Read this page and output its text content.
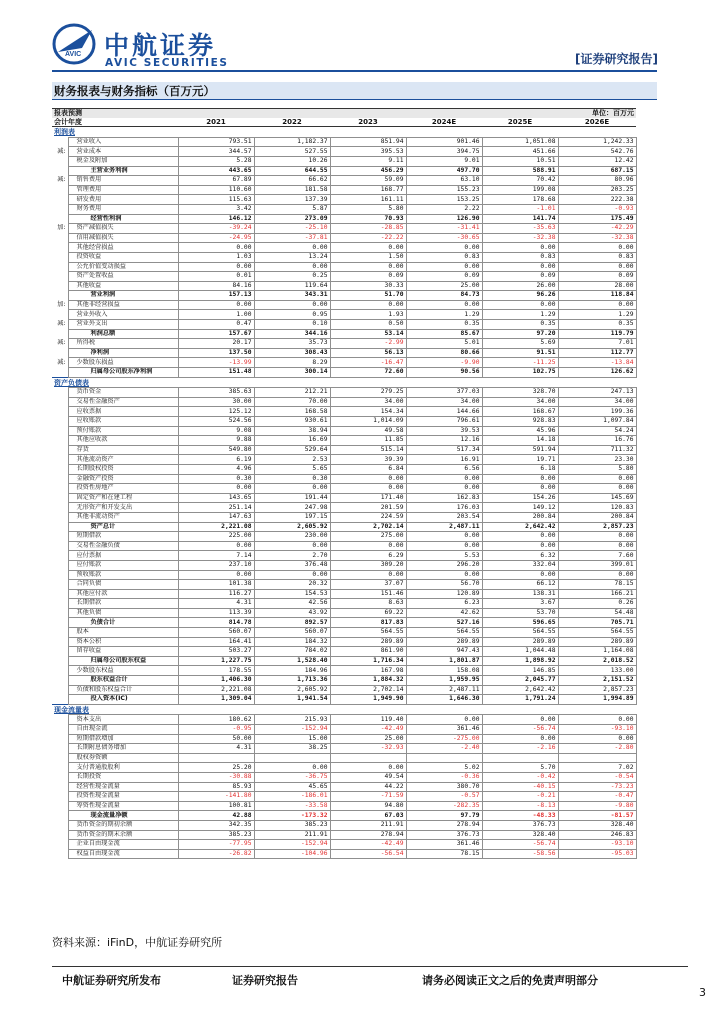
AVIC 中航证券
AVIC SECURITIES	[证券研究报告]
财务报表与财务指标（百万元）
报表预测							单位：百万元
会计年度		2021	2022	2023	2024E	2025E	2026E
利润表							
	营业收入	793.51	1,182.37	851.94	901.46	1,051.08	1,242.33
减:	营业成本	344.57	527.55	395.53	394.75	451.66	542.76
	税金及附加	5.28	10.26	9.11	9.01	10.51	12.42
	主营业务利润	443.65	644.55	456.29	497.70	588.91	687.15
减:	销售费用	67.89	66.62	59.09	63.10	70.42	80.96
	管理费用	110.60	181.58	168.77	155.23	199.08	203.25
	研发费用	115.63	137.39	161.11	153.25	178.68	222.38
	财务费用	3.42	5.87	5.80	2.22	-1.01	-0.93
	经营性利润	146.12	273.09	70.93	126.90	141.74	175.49
加:	资产减值损失	-39.24	-25.10	-28.85	-31.41	-35.63	-42.29
	信用减值损失	-24.95	-37.81	-22.22	-30.65	-32.38	-32.38
	其他经营损益	0.00	0.00	0.00	0.00	0.00	0.00
	投资收益	1.03	13.24	1.50	0.83	0.83	0.83
	公允价值变动损益	0.00	0.00	0.00	0.00	0.00	0.00
	资产处置收益	0.01	0.25	0.09	0.09	0.09	0.09
	其他收益	84.16	119.64	30.33	25.00	26.00	28.00
	营业利润	157.13	343.31	51.70	84.73	96.26	118.84
加:	其他非经营损益	0.00	0.00	0.00	0.00	0.00	0.00
	营业外收入	1.00	0.95	1.93	1.29	1.29	1.29
减:	营业外支出	0.47	0.10	0.50	0.35	0.35	0.35
	利润总额	157.67	344.16	53.14	85.67	97.20	119.79
减:	所得税	20.17	35.73	-2.99	5.01	5.69	7.01
	净利润	137.50	308.43	56.13	80.66	91.51	112.77
减:	少数股东损益	-13.99	8.29	-16.47	-9.90	-11.25	-13.84
	归属母公司股东净利润	151.48	300.14	72.60	90.56	102.75	126.62
资产负债表							
	货币资金	385.63	212.21	279.25	377.03	328.70	247.13
	交易性金融资产	30.00	70.00	34.00	34.00	34.00	34.00
	应收票据	125.12	168.58	154.34	144.66	168.67	199.36
	应收账款	524.56	930.61	1,014.09	796.61	928.83	1,097.84
	预付账款	9.08	38.94	49.58	39.53	45.96	54.24
	其他应收款	9.88	16.69	11.85	12.16	14.18	16.76
	存货	549.80	529.64	515.14	517.34	591.94	711.32
	其他流动资产	6.19	2.53	39.39	16.91	19.71	23.30
	长期股权投资	4.96	5.65	6.84	6.56	6.18	5.80
	金融资产投资	0.30	0.30	0.00	0.00	0.00	0.00
	投资性房地产	0.00	0.00	0.00	0.00	0.00	0.00
	固定资产和在建工程	143.65	191.44	171.40	162.83	154.26	145.69
	无形资产和开发支出	251.14	247.98	201.59	176.03	149.12	120.83
	其他非流动资产	147.63	197.15	224.59	203.54	200.84	200.84
	资产总计	2,221.08	2,605.92	2,702.14	2,487.11	2,642.42	2,857.23
	短期借款	225.00	230.00	275.00	0.00	0.00	0.00
	交易性金融负债	0.00	0.00	0.00	0.00	0.00	0.00
	应付票据	7.14	2.70	6.29	5.53	6.32	7.60
	应付账款	237.10	376.48	309.20	296.20	332.04	399.01
	预收账款	0.00	0.00	0.00	0.00	0.00	0.00
	合同负债	101.38	20.32	37.07	56.70	66.12	78.15
	其他应付款	116.27	154.53	151.46	120.89	138.31	166.21
	长期借款	4.31	42.56	8.63	6.23	3.67	0.26
	其他负债	113.39	43.92	69.22	42.62	53.70	54.48
	负债合计	814.78	892.57	817.83	527.16	596.65	705.71
	股本	560.07	560.07	564.55	564.55	564.55	564.55
	资本公积	164.41	184.32	289.89	289.89	289.89	289.89
	留存收益	503.27	784.02	861.90	947.43	1,044.48	1,164.08
	归属母公司股东权益	1,227.75	1,528.40	1,716.34	1,801.87	1,898.92	2,018.52
	少数股东权益	178.55	184.96	167.98	158.08	146.85	133.00
	股东权益合计	1,406.30	1,713.36	1,884.32	1,959.95	2,045.77	2,151.52
	负债和股东权益合计	2,221.08	2,605.92	2,702.14	2,487.11	2,642.42	2,857.23
	投入资本(IC)	1,309.04	1,941.54	1,949.90	1,646.30	1,791.24	1,994.89
现金流量表							
	资本支出	180.62	215.93	119.40	0.00	0.00	0.00
	自由现金流	-0.95	-152.94	-42.49	361.46	-56.74	-93.10
	短期借款增加	50.00	15.00	25.00	-275.00	0.00	0.00
	长期附息债务增加	4.31	38.25	-32.93	-2.40	-2.16	-2.80
	股权券资额						
	支付普通股股利	25.20	0.00	0.00	5.02	5.70	7.02
	长期投资	-30.88	-36.75	49.54	-0.36	-0.42	-0.54
	经营性现金流量	85.93	45.65	44.22	380.70	-40.15	-73.23
	投资性现金流量	-141.80	-186.01	-71.59	-0.57	-0.21	-0.47
	筹资性现金流量	100.81	-33.58	94.80	-282.35	-8.13	-9.80
	现金流量净额	42.88	-173.32	67.03	97.79	-48.33	-81.57
	货币资金的期初余额	342.35	385.23	211.91	278.94	376.73	328.40
	货币资金的期末余额	385.23	211.91	278.94	376.73	328.40	246.83
	企业自由现金流	-77.95	-152.94	-42.49	361.46	-56.74	-93.10
	权益自由现金流	-26.82	-104.96	-56.54	78.15	-58.56	-95.03
资料来源：iFinD，中航证券研究所
中航证券研究所发布	证券研究报告	请务必阅读正文之后的免责声明部分
3
